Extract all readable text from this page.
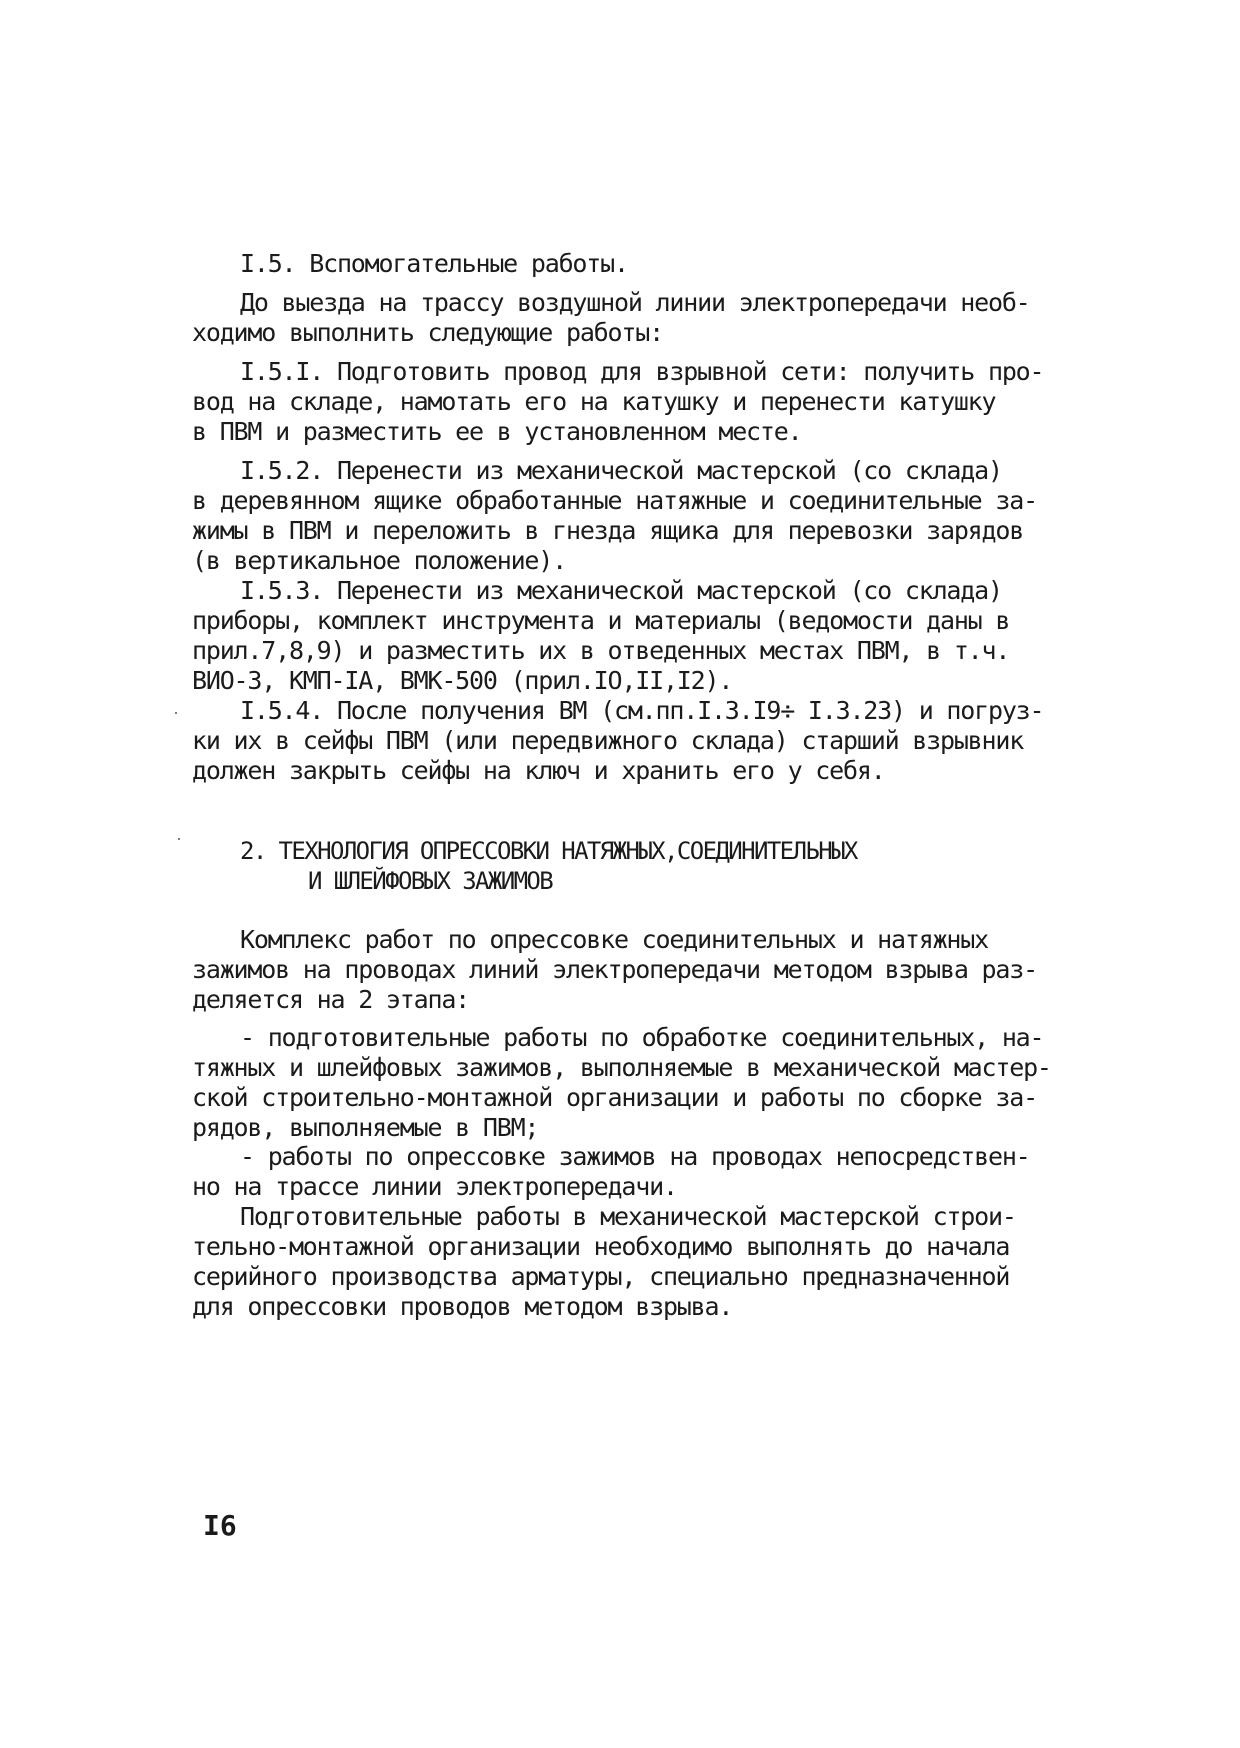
I.5. Вспомогательные работы.
До выезда на трассу воздушной линии электропередачи необ-
ходимо выполнить следующие работы:
I.5.I. Подготовить провод для взрывной сети: получить про-
вод на складе, намотать его на катушку и перенести катушку
в ПВМ и разместить ее в установленном месте.
I.5.2. Перенести из механической мастерской (со склада)
в деревянном ящике обработанные натяжные и соединительные за-
жимы в ПВМ и переложить в гнезда ящика для перевозки зарядов
(в вертикальное положение).
I.5.3. Перенести из механической мастерской (со склада)
приборы, комплект инструмента и материалы (ведомости даны в
прил.7,8,9) и разместить их в отведенных местах ПВМ, в т.ч.
ВИО-3, КМП-IА, ВМК-500 (прил.IO,II,I2).
I.5.4. После получения ВМ (см.пп.I.3.I9÷ I.3.23) и погруз-
ки их в сейфы ПВМ (или передвижного склада) старший взрывник
должен закрыть сейфы на ключ и хранить его у себя.
2. ТЕХНОЛОГИЯ ОПРЕССОВКИ НАТЯЖНЫХ,СОЕДИНИТЕЛЬНЫХ
И ШЛЕЙФОВЫХ ЗАЖИМОВ
Комплекс работ по опрессовке соединительных и натяжных
зажимов на проводах линий электропередачи методом взрыва раз-
деляется на 2 этапа:
- подготовительные работы по обработке соединительных, на-
тяжных и шлейфовых зажимов, выполняемые в механической мастер-
ской строительно-монтажной организации и работы по сборке за-
рядов, выполняемые в ПВМ;
- работы по опрессовке зажимов на проводах непосредствен-
но на трассе линии электропередачи.
Подготовительные работы в механической мастерской строи-
тельно-монтажной организации необходимо выполнять до начала
серийного производства арматуры, специально предназначенной
для опрессовки проводов методом взрыва.
I6
